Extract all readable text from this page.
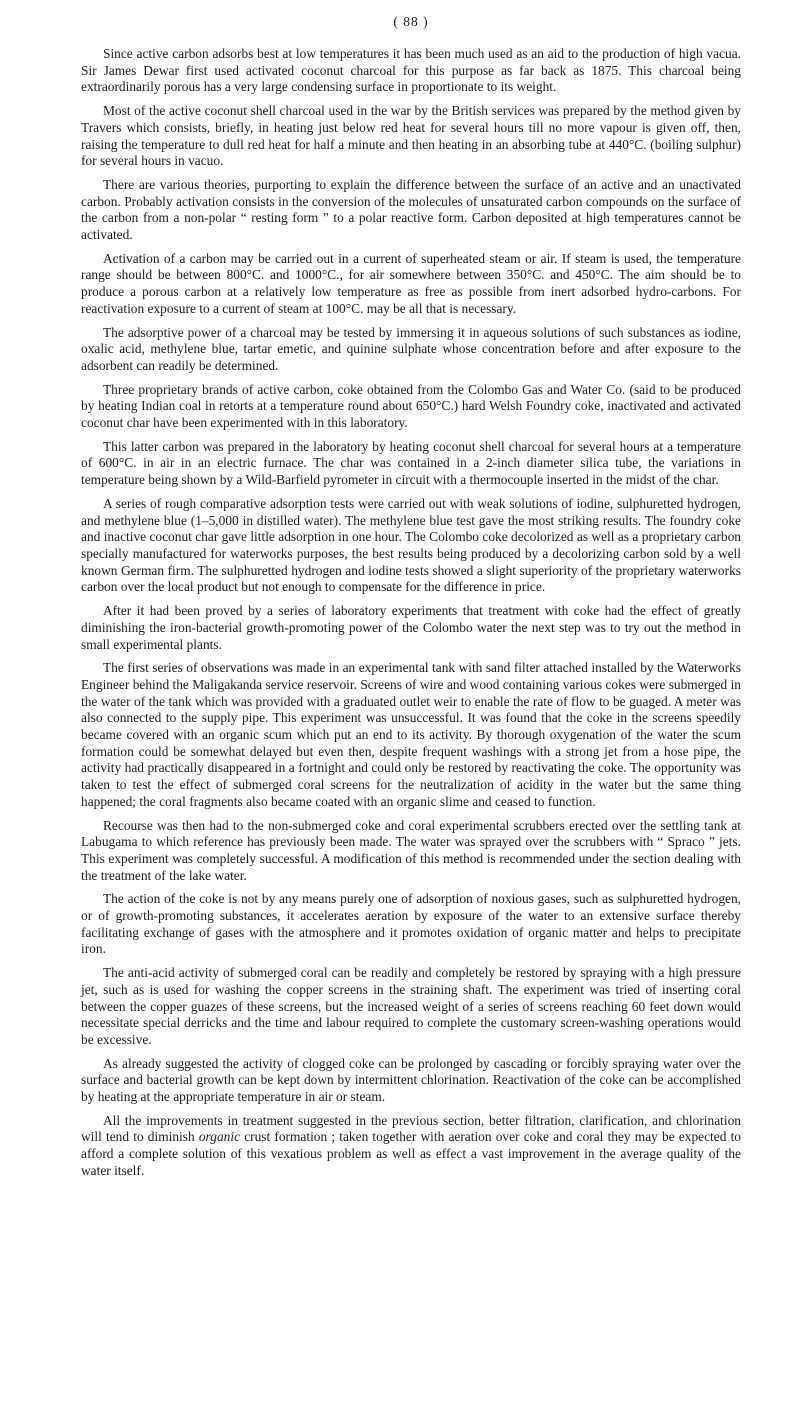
( 88 )

Since active carbon adsorbs best at low temperatures it has been much used as an aid to the production of high vacua. Sir James Dewar first used activated coconut charcoal for this purpose as far back as 1875. This charcoal being extraordinarily porous has a very large condensing surface in proportionate to its weight.

Most of the active coconut shell charcoal used in the war by the British services was prepared by the method given by Travers which consists, briefly, in heating just below red heat for several hours till no more vapour is given off, then, raising the temperature to dull red heat for half a minute and then heating in an absorbing tube at 440°C. (boiling sulphur) for several hours in vacuo.

There are various theories, purporting to explain the difference between the surface of an active and an unactivated carbon. Probably activation consists in the conversion of the molecules of unsaturated carbon compounds on the surface of the carbon from a non-polar “ resting form ” to a polar reactive form. Carbon deposited at high temperatures cannot be activated.

Activation of a carbon may be carried out in a current of superheated steam or air. If steam is used, the temperature range should be between 800°C. and 1000°C., for air somewhere between 350°C. and 450°C. The aim should be to produce a porous carbon at a relatively low temperature as free as possible from inert adsorbed hydro-carbons. For reactivation exposure to a current of steam at 100°C. may be all that is necessary.

The adsorptive power of a charcoal may be tested by immersing it in aqueous solutions of such substances as iodine, oxalic acid, methylene blue, tartar emetic, and quinine sulphate whose concentration before and after exposure to the adsorbent can readily be determined.

Three proprietary brands of active carbon, coke obtained from the Colombo Gas and Water Co. (said to be produced by heating Indian coal in retorts at a temperature round about 650°C.) hard Welsh Foundry coke, inactivated and activated coconut char have been experimented with in this laboratory.

This latter carbon was prepared in the laboratory by heating coconut shell charcoal for several hours at a temperature of 600°C. in air in an electric furnace. The char was contained in a 2-inch diameter silica tube, the variations in temperature being shown by a Wild-Barfield pyrometer in circuit with a thermocouple inserted in the midst of the char.

A series of rough comparative adsorption tests were carried out with weak solutions of iodine, sulphuretted hydrogen, and methylene blue (1–5,000 in distilled water). The methylene blue test gave the most striking results. The foundry coke and inactive coconut char gave little adsorption in one hour. The Colombo coke decolorized as well as a proprietary carbon specially manufactured for waterworks purposes, the best results being produced by a decolorizing carbon sold by a well known German firm. The sulphuretted hydrogen and iodine tests showed a slight superiority of the proprietary waterworks carbon over the local product but not enough to compensate for the difference in price.

After it had been proved by a series of laboratory experiments that treatment with coke had the effect of greatly diminishing the iron-bacterial growth-promoting power of the Colombo water the next step was to try out the method in small experimental plants.

The first series of observations was made in an experimental tank with sand filter attached installed by the Waterworks Engineer behind the Maligakanda service reservoir. Screens of wire and wood containing various cokes were submerged in the water of the tank which was provided with a graduated outlet weir to enable the rate of flow to be guaged. A meter was also connected to the supply pipe. This experiment was unsuccessful. It was found that the coke in the screens speedily became covered with an organic scum which put an end to its activity. By thorough oxygenation of the water the scum formation could be somewhat delayed but even then, despite frequent washings with a strong jet from a hose pipe, the activity had practically disappeared in a fortnight and could only be restored by reactivating the coke. The opportunity was taken to test the effect of submerged coral screens for the neutralization of acidity in the water but the same thing happened; the coral fragments also became coated with an organic slime and ceased to function.

Recourse was then had to the non-submerged coke and coral experimental scrubbers erected over the settling tank at Labugama to which reference has previously been made. The water was sprayed over the scrubbers with “ Spraco ” jets. This experiment was completely successful. A modification of this method is recommended under the section dealing with the treatment of the lake water.

The action of the coke is not by any means purely one of adsorption of noxious gases, such as sulphuretted hydrogen, or of growth-promoting substances, it accelerates aeration by exposure of the water to an extensive surface thereby facilitating exchange of gases with the atmosphere and it promotes oxidation of organic matter and helps to precipitate iron.

The anti-acid activity of submerged coral can be readily and completely be restored by spraying with a high pressure jet, such as is used for washing the copper screens in the straining shaft. The experiment was tried of inserting coral between the copper guazes of these screens, but the increased weight of a series of screens reaching 60 feet down would necessitate special derricks and the time and labour required to complete the customary screen-washing operations would be excessive.

As already suggested the activity of clogged coke can be prolonged by cascading or forcibly spraying water over the surface and bacterial growth can be kept down by intermittent chlorination. Reactivation of the coke can be accomplished by heating at the appropriate temperature in air or steam.

All the improvements in treatment suggested in the previous section, better filtration, clarification, and chlorination will tend to diminish organic crust formation ; taken together with aeration over coke and coral they may be expected to afford a complete solution of this vexatious problem as well as effect a vast improvement in the average quality of the water itself.
